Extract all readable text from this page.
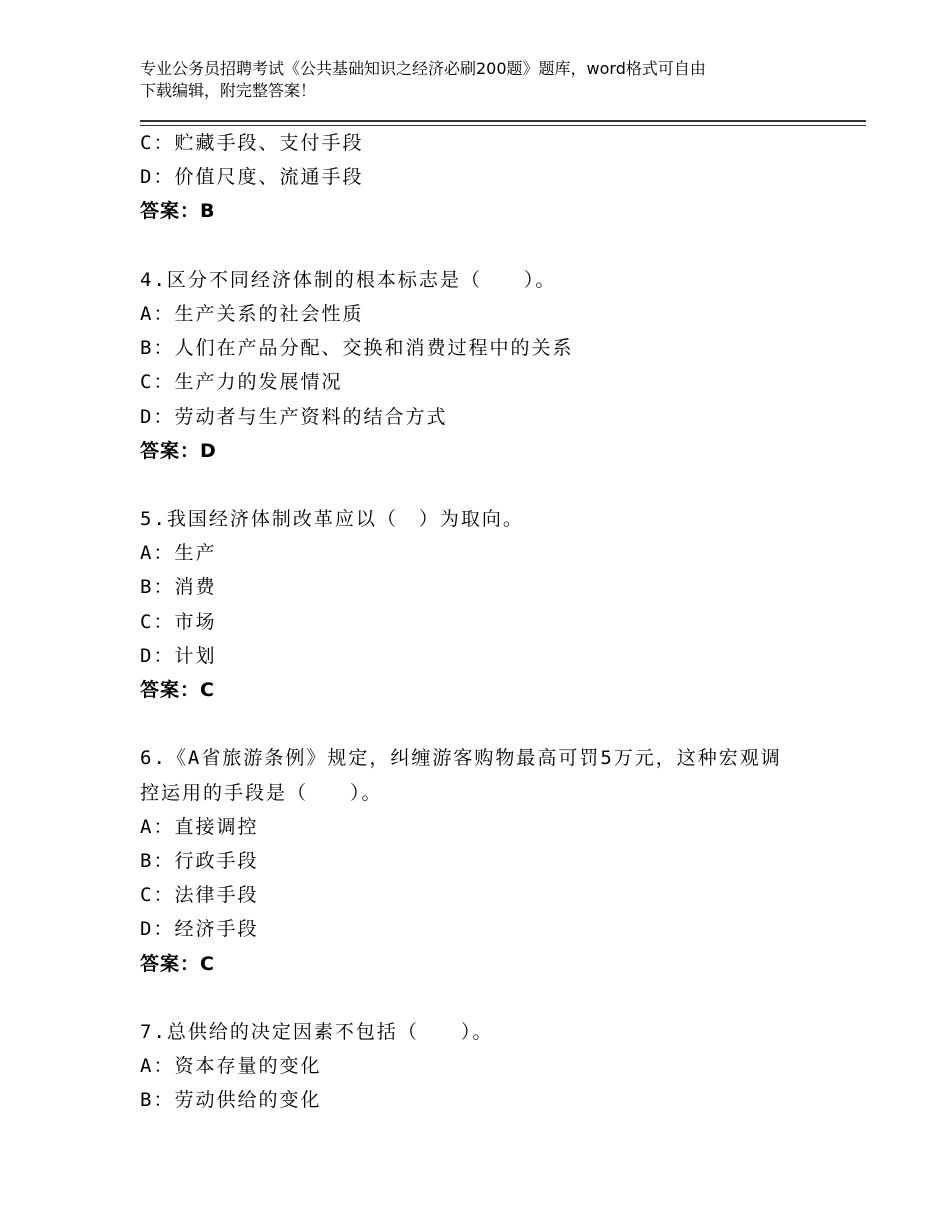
专业公务员招聘考试《公共基础知识之经济必刷200题》题库，word格式可自由
下载编辑，附完整答案！
C：贮藏手段、支付手段
D：价值尺度、流通手段
答案：B
4.区分不同经济体制的根本标志是（　　）。
A：生产关系的社会性质
B：人们在产品分配、交换和消费过程中的关系
C：生产力的发展情况
D：劳动者与生产资料的结合方式
答案：D
5.我国经济体制改革应以（　）为取向。
A：生产
B：消费
C：市场
D：计划
答案：C
6.《A省旅游条例》规定，纠缠游客购物最高可罚5万元，这种宏观调
控运用的手段是（　　）。
A：直接调控
B：行政手段
C：法律手段
D：经济手段
答案：C
7.总供给的决定因素不包括（　　）。
A：资本存量的变化
B：劳动供给的变化
